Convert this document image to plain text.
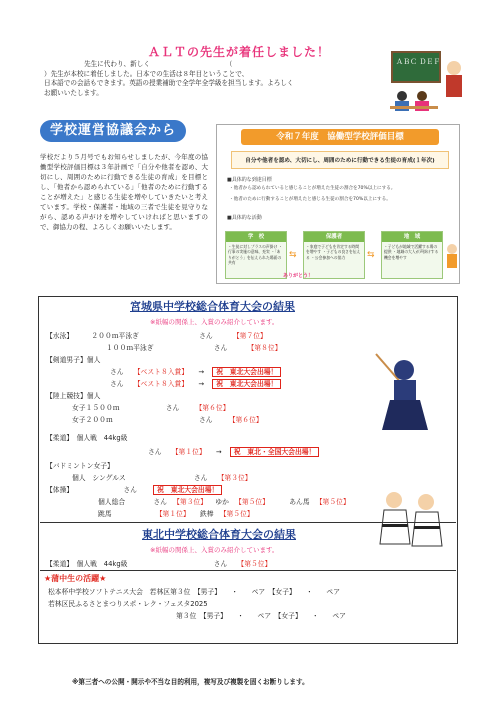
ＡＬＴの先生が着任しました！
先生に代わり、新しく　　　　　　　　　　　　（
）先生が本校に着任しました。日本での生活は８年目ということで、
日本語での会話もできます。英語の授業補助で全学年全学級を担当します。よろしく
お願いいたします。
ＡＢＣ ＤＥＦＧ
学校運営協議会から
学校だより５月号でもお知らせしましたが、今年度の協働型学校評価目標は３年計画で「自分や他者を認め、大切にし、周囲のために行動できる生徒の育成」を目標とし、「他者から認められている」「他者のために行動することが増えた」と感じる生徒を増やしていきたいと考えています。学校・保護者・地域の三者で生徒を見守りながら、認める声がけを増やしていければと思いますので、御協力の程、よろしくお願いいたします。
令和７年度　協働型学校評価目標
自分や他者を認め、大切にし、周囲のために行動できる生徒の育成(１年次)
■具体的な到達目標
・他者から認められていると感じることが増えた生徒の割合を70%以上にする。
・他者のために行動することが増えたと感じる生徒の割合を70%以上にする。
■具体的な活動
学　校
・生徒に対しプラスの声掛け ・行事の実施の意味、充実 ・「ありがとう」を伝えられた場面の共有
⇆
保護者
・家庭で子どもを肯定する時間を増やす ・子どもの良さを伝える ・公会参加への協力	⇆
地　域
・子どもが地域で活躍する場の提供 ・地域の大人が声掛けする機会を増やす
ありがとう！
宮城県中学校総合体育大会の結果
※紙幅の関係上、入賞のみ紹介しています。
【水泳】	２００ｍ平泳ぎ	さん	【第７位】
１００ｍ平泳ぎ	さん	【第８位】
【剣道男子】個人
さん 【ベスト８入賞】 → 祝　東北大会出場！
さん 【ベスト８入賞】 → 祝　東北大会出場！
【陸上競技】個人
女子１５００ｍ	さん 【第６位】
女子２００ｍ	さん 【第６位】
【柔道】　個人戦　44kg級
さん 【第１位】 → 祝　東北・全国大会出場！
【バドミントン女子】
個人　シングルス	さん 【第３位】
【体操】	さん	祝　東北大会出場！
個人総合	さん 【第３位】 ゆか 【第５位】	あん馬 【第５位】
跳馬	【第１位】 鉄棒 【第５位】
東北中学校総合体育大会の結果
※紙幅の関係上、入賞のみ紹介しています。
【柔道】　個人戦　44kg級	さん 【第５位】
★蒲中生の活躍★
松本杯中学校ソフトテニス大会　若林区第３位　【男子】　　・　　ペア　【女子】　　・　　ペア
若林区民ふるさとまつりスポ・レク・フェスタ2025
第３位　【男子】　　・　　ペア　【女子】　　・　　ペア
※第三者への公開・開示や不当な目的利用，複写及び複製を固くお断りします。
